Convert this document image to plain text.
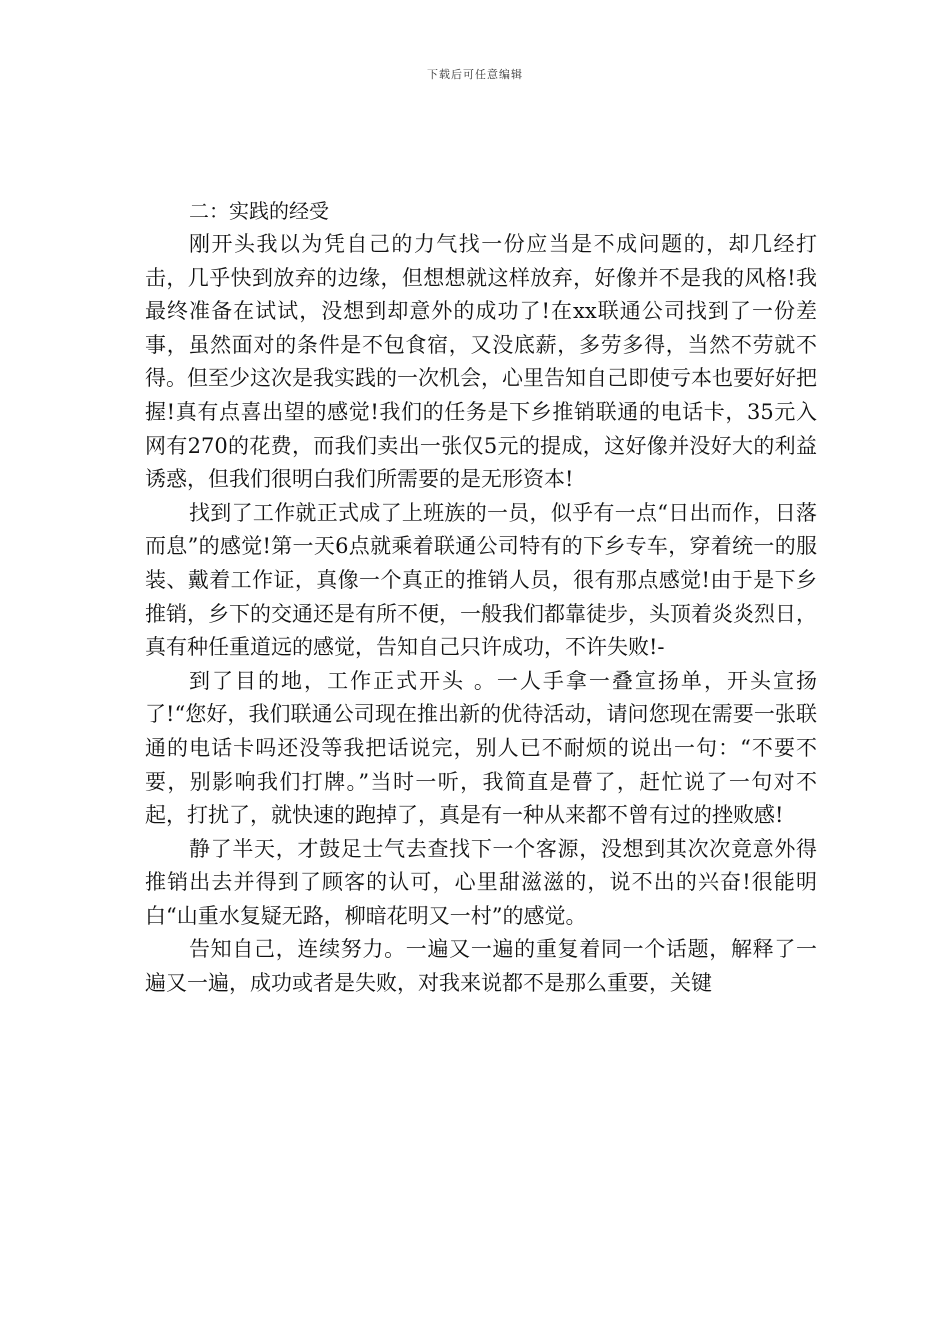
下载后可任意编辑
二：实践的经受

刚开头我以为凭自己的力气找一份应当是不成问题的，却几经打击，几乎快到放弃的边缘，但想想就这样放弃，好像并不是我的风格!我最终准备在试试，没想到却意外的成功了!在xx联通公司找到了一份差事，虽然面对的条件是不包食宿，又没底薪，多劳多得，当然不劳就不得。但至少这次是我实践的一次机会，心里告知自己即使亏本也要好好把握!真有点喜出望的感觉!我们的任务是下乡推销联通的电话卡，35元入网有270的花费，而我们卖出一张仅5元的提成，这好像并没好大的利益诱惑，但我们很明白我们所需要的是无形资本!

找到了工作就正式成了上班族的一员，似乎有一点“日出而作，日落而息”的感觉!第一天6点就乘着联通公司特有的下乡专车，穿着统一的服装、戴着工作证，真像一个真正的推销人员，很有那点感觉!由于是下乡推销，乡下的交通还是有所不便，一般我们都靠徒步，头顶着炎炎烈日，真有种任重道远的感觉，告知自己只许成功，不许失败!-

到了目的地，工作正式开头 。一人手拿一叠宣扬单，开头宣扬了!“您好，我们联通公司现在推出新的优待活动，请问您现在需要一张联通的电话卡吗还没等我把话说完，别人已不耐烦的说出一句：“不要不要，别影响我们打牌。”当时一听，我简直是瞢了，赶忙说了一句对不起，打扰了，就快速的跑掉了，真是有一种从来都不曾有过的挫败感!

静了半天，才鼓足士气去查找下一个客源，没想到其次次竟意外得推销出去并得到了顾客的认可，心里甜滋滋的，说不出的兴奋!很能明白“山重水复疑无路，柳暗花明又一村”的感觉。

告知自己，连续努力。一遍又一遍的重复着同一个话题，解释了一遍又一遍，成功或者是失败，对我来说都不是那么重要，关键
